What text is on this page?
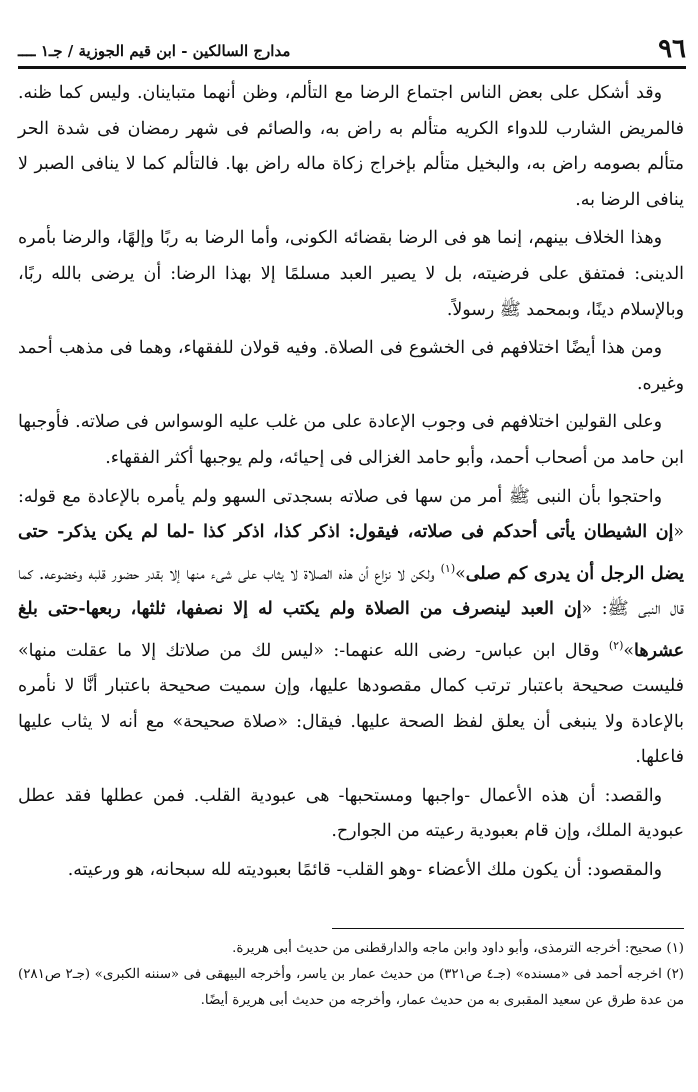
٩٦
مدارج السالكين - ابن قيم الجوزية / جـ١ ــــ

وقد أشكل على بعض الناس اجتماع الرضا مع التألم، وظن أنهما متباينان. وليس كما ظنه. فالمريض الشارب للدواء الكريه متألم به راض به، والصائم فى شهر رمضان فى شدة الحر متألم بصومه راض به، والبخيل متألم بإخراج زكاة ماله راض بها. فالتألم كما لا ينافى الصبر لا ينافى الرضا به.

وهذا الخلاف بينهم، إنما هو فى الرضا بقضائه الكونى، وأما الرضا به ربًا وإلهًا، والرضا بأمره الدينى: فمتفق على فرضيته، بل لا يصير العبد مسلمًا إلا بهذا الرضا: أن يرضى بالله ربًا، وبالإسلام دينًا، وبمحمد ﷺ رسولاً.

ومن هذا أيضًا اختلافهم فى الخشوع فى الصلاة. وفيه قولان للفقهاء، وهما فى مذهب أحمد وغيره.

وعلى القولين اختلافهم فى وجوب الإعادة على من غلب عليه الوسواس فى صلاته. فأوجبها ابن حامد من أصحاب أحمد، وأبو حامد الغزالى فى إحيائه، ولم يوجبها أكثر الفقهاء.

واحتجوا بأن النبى ﷺ أمر من سها فى صلاته بسجدتى السهو ولم يأمره بالإعادة مع قوله: «إن الشيطان يأتى أحدكم فى صلاته، فيقول: اذكر كذا، اذكر كذا -لما لم يكن يذكر- حتى يضل الرجل أن يدرى كم صلى»$^{(١)}$ ولكن لا نزاع أن هذه الصلاة لا يثاب على شىء منها إلا بقدر حضور قلبه وخضوعه. كما قال النبى ﷺ: «إن العبد لينصرف من الصلاة ولم يكتب له إلا نصفها، ثلثها، ربعها-حتى بلغ عشرها»$^{(٢)}$ وقال ابن عباس- رضى الله عنهما-: «ليس لك من صلاتك إلا ما عقلت منها» فليست صحيحة باعتبار ترتب كمال مقصودها عليها، وإن سميت صحيحة باعتبار أنَّا لا نأمره بالإعادة ولا ينبغى أن يعلق لفظ الصحة عليها. فيقال: «صلاة صحيحة» مع أنه لا يثاب عليها فاعلها.

والقصد: أن هذه الأعمال -واجبها ومستحبها- هى عبودية القلب. فمن عطلها فقد عطل عبودية الملك، وإن قام بعبودية رعيته من الجوارح.

والمقصود: أن يكون ملك الأعضاء -وهو القلب- قائمًا بعبوديته لله سبحانه، هو ورعيته.

(١) صحيح: أخرجه الترمذى، وأبو داود وابن ماجه والدارقطنى من حديث أبى هريرة.

(٢) اخرجه أحمد فى «مسنده» (جـ٤ ص٣٢١) من حديث عمار بن ياسر، وأخرجه البيهقى فى «سننه الكبرى» (جـ٢ ص٢٨١) من عدة طرق عن سعيد المقبرى به من حديث عمار، وأخرجه من حديث أبى هريرة أيضًا.
